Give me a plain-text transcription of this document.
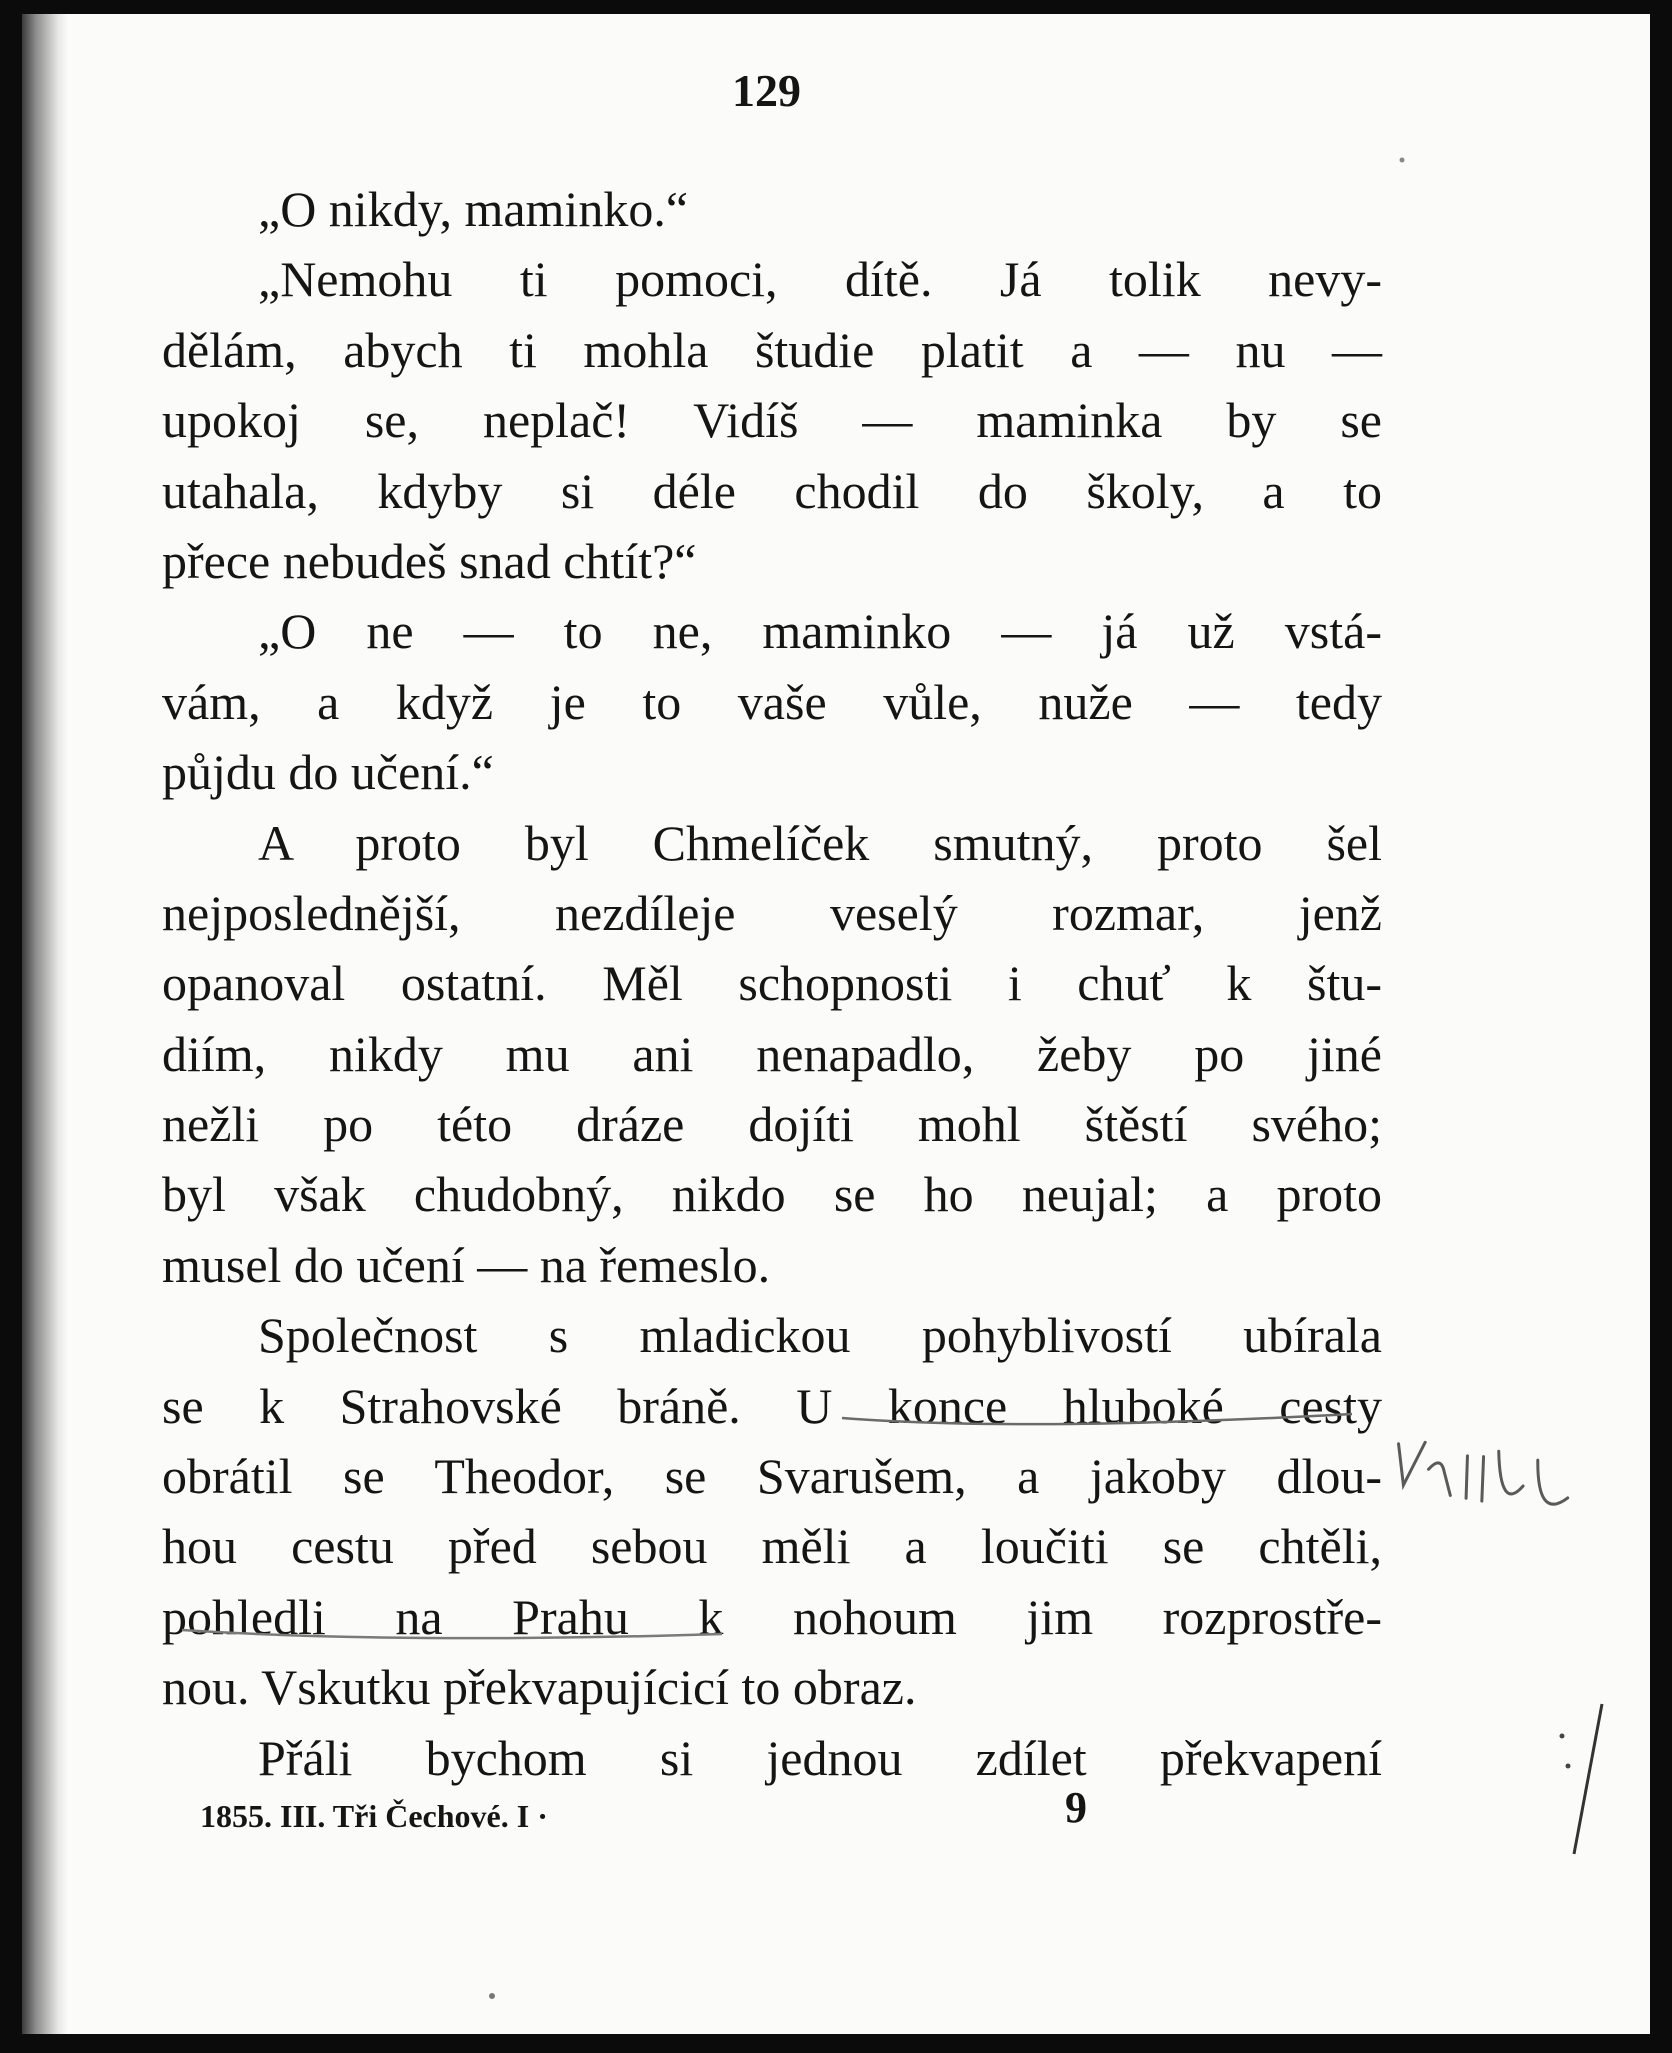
129
„O nikdy, maminko.“
„Nemohu ti pomoci, dítě. Já tolik nevy-
dělám, abych ti mohla študie platit a — nu —
upokoj se, neplač! Vidíš — maminka by se
utahala, kdyby si déle chodil do školy, a to
přece nebudeš snad chtít?“
„O ne — to ne, maminko — já už vstá-
vám, a když je to vaše vůle, nuže — tedy
půjdu do učení.“
A proto byl Chmelíček smutný, proto šel
nejposlednější, nezdíleje veselý rozmar, jenž
opanoval ostatní. Měl schopnosti i chuť k štu-
diím, nikdy mu ani nenapadlo, žeby po jiné
nežli po této dráze dojíti mohl štěstí svého;
byl však chudobný, nikdo se ho neujal; a proto
musel do učení — na řemeslo.
Společnost s mladickou pohyblivostí ubírala
se k Strahovské bráně. U konce hluboké cesty
obrátil se Theodor, se Svarušem, a jakoby dlou-
hou cestu před sebou měli a loučiti se chtěli,
pohledli na Prahu k nohoum jim rozprostře-
nou. Vskutku překvapujícicí to obraz.
Přáli bychom si jednou zdílet překvapení
1855. III. Tři Čechové. I ·	9
